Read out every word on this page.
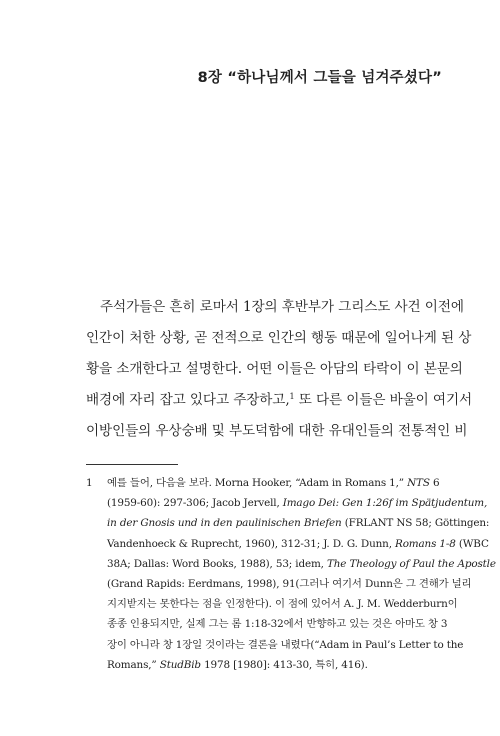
8장 “하나님께서 그들을 넘겨주셨다”
주석가들은 흔히 로마서 1장의 후반부가 그리스도 사건 이전에
인간이 처한 상황, 곧 전적으로 인간의 행동 때문에 일어나게 된 상
황을 소개한다고 설명한다. 어떤 이들은 아담의 타락이 이 본문의
배경에 자리 잡고 있다고 주장하고,$^1$ 또 다른 이들은 바울이 여기서
이방인들의 우상숭배 및 부도덕함에 대한 유대인들의 전통적인 비
1 예를 들어, 다음을 보라. Morna Hooker, “Adam in Romans 1,” NTS 6
(1959-60): 297-306; Jacob Jervell, Imago Dei: Gen 1:26f im Spätjudentum,
in der Gnosis und in den paulinischen Briefen (FRLANT NS 58; Göttingen:
Vandenhoeck & Ruprecht, 1960), 312-31; J. D. G. Dunn, Romans 1-8 (WBC
38A; Dallas: Word Books, 1988), 53; idem, The Theology of Paul the Apostle
(Grand Rapids: Eerdmans, 1998), 91(그러나 여기서 Dunn은 그 견해가 널리
지지받지는 못한다는 점을 인정한다). 이 점에 있어서 A. J. M. Wedderburn이
종종 인용되지만, 실제 그는 롬 1:18-32에서 반향하고 있는 것은 아마도 창 3
장이 아니라 창 1장일 것이라는 결론을 내렸다(“Adam in Paul’s Letter to the
Romans,” StudBib 1978 [1980]: 413-30, 특히, 416).
